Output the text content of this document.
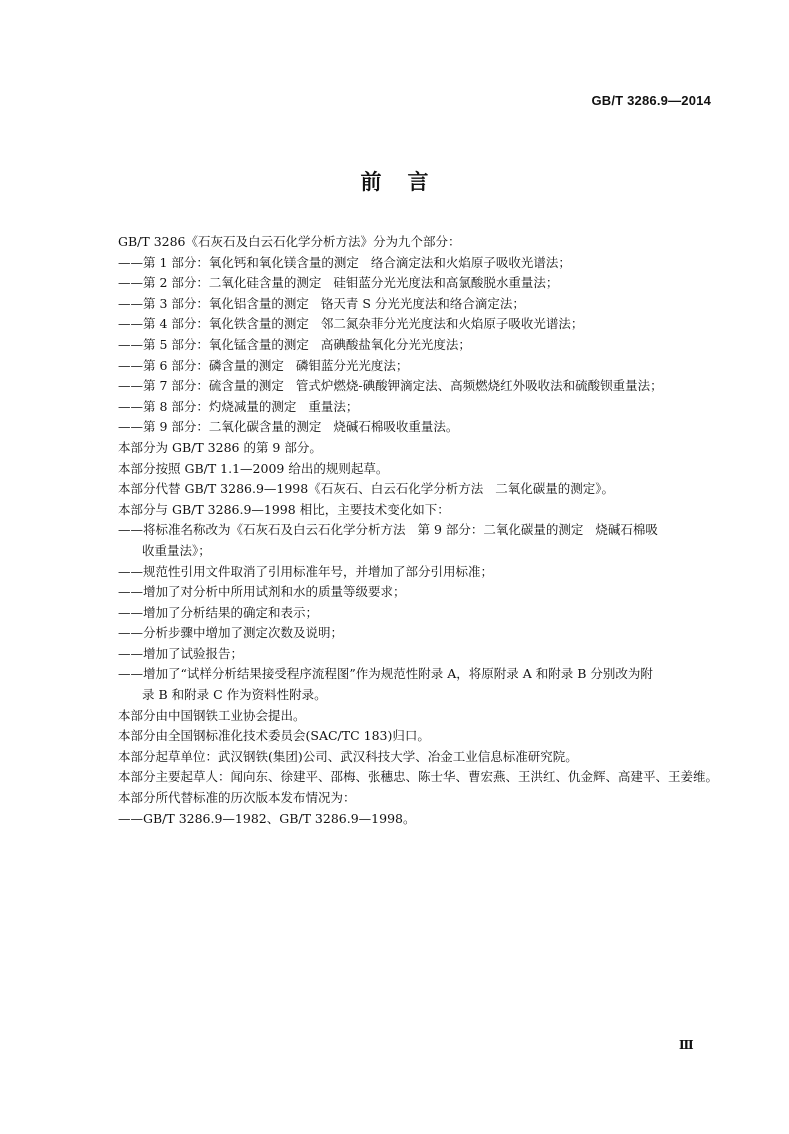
GB/T 3286.9—2014
前言
GB/T 3286《石灰石及白云石化学分析方法》分为九个部分：
——第 1 部分：氧化钙和氧化镁含量的测定 络合滴定法和火焰原子吸收光谱法；
——第 2 部分：二氧化硅含量的测定 硅钼蓝分光光度法和高氯酸脱水重量法；
——第 3 部分：氧化铝含量的测定 铬天青 S 分光光度法和络合滴定法；
——第 4 部分：氧化铁含量的测定 邻二氮杂菲分光光度法和火焰原子吸收光谱法；
——第 5 部分：氧化锰含量的测定 高碘酸盐氧化分光光度法；
——第 6 部分：磷含量的测定 磷钼蓝分光光度法；
——第 7 部分：硫含量的测定 管式炉燃烧-碘酸钾滴定法、高频燃烧红外吸收法和硫酸钡重量法；
——第 8 部分：灼烧减量的测定 重量法；
——第 9 部分：二氧化碳含量的测定 烧碱石棉吸收重量法。
本部分为 GB/T 3286 的第 9 部分。
本部分按照 GB/T 1.1—2009 给出的规则起草。
本部分代替 GB/T 3286.9—1998《石灰石、白云石化学分析方法 二氧化碳量的测定》。
本部分与 GB/T 3286.9—1998 相比，主要技术变化如下：
——将标准名称改为《石灰石及白云石化学分析方法 第 9 部分：二氧化碳量的测定 烧碱石棉吸
收重量法》；
——规范性引用文件取消了引用标准年号，并增加了部分引用标准；
——增加了对分析中所用试剂和水的质量等级要求；
——增加了分析结果的确定和表示；
——分析步骤中增加了测定次数及说明；
——增加了试验报告；
——增加了“试样分析结果接受程序流程图”作为规范性附录 A，将原附录 A 和附录 B 分别改为附
录 B 和附录 C 作为资料性附录。
本部分由中国钢铁工业协会提出。
本部分由全国钢标准化技术委员会(SAC/TC 183)归口。
本部分起草单位：武汉钢铁(集团)公司、武汉科技大学、冶金工业信息标准研究院。
本部分主要起草人：闻向东、徐建平、邵梅、张穗忠、陈士华、曹宏燕、王洪红、仇金辉、高建平、王姜维。
本部分所代替标准的历次版本发布情况为：
——GB/T 3286.9—1982、GB/T 3286.9—1998。
Ⅲ
